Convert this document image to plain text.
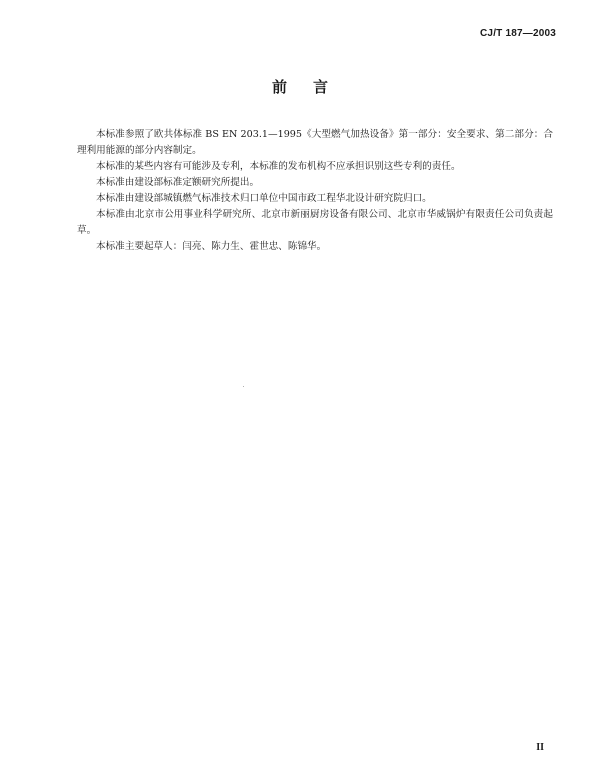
CJ/T 187—2003
前言

本标准参照了欧共体标准 BS EN 203.1—1995《大型燃气加热设备》第一部分：安全要求、第二部分：合理利用能源的部分内容制定。

本标准的某些内容有可能涉及专利，本标准的发布机构不应承担识别这些专利的责任。

本标准由建设部标准定额研究所提出。

本标准由建设部城镇燃气标准技术归口单位中国市政工程华北设计研究院归口。

本标准由北京市公用事业科学研究所、北京市新丽厨房设备有限公司、北京市华威锅炉有限责任公司负责起草。

本标准主要起草人：闫亮、陈力生、霍世忠、陈锦华。

II
